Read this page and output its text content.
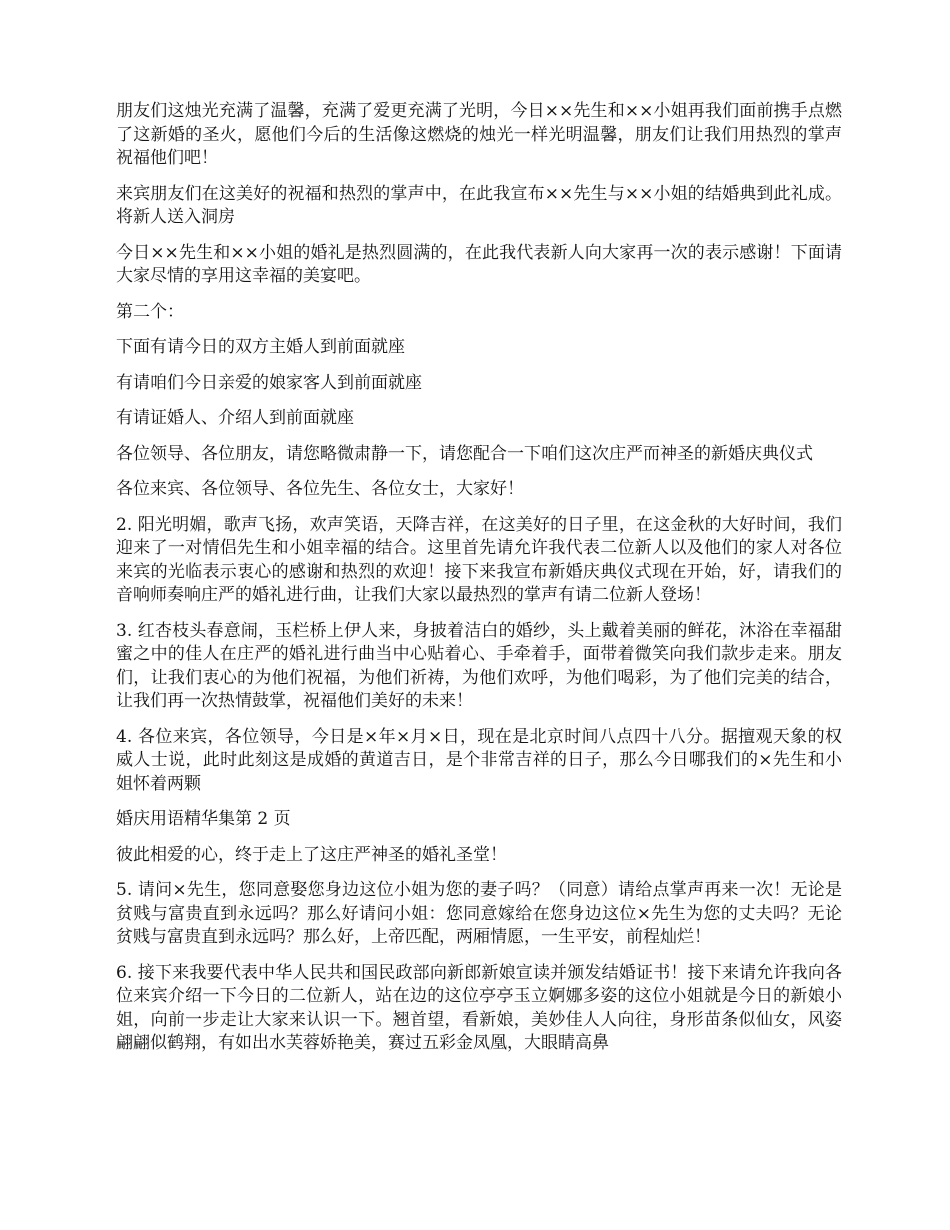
朋友们这烛光充满了温馨，充满了爱更充满了光明，今日××先生和××小姐再我们面前携手点燃了这新婚的圣火，愿他们今后的生活像这燃烧的烛光一样光明温馨，朋友们让我们用热烈的掌声祝福他们吧！

来宾朋友们在这美好的祝福和热烈的掌声中，在此我宣布××先生与××小姐的结婚典到此礼成。将新人送入洞房

今日××先生和××小姐的婚礼是热烈圆满的，在此我代表新人向大家再一次的表示感谢！下面请大家尽情的享用这幸福的美宴吧。

第二个：

下面有请今日的双方主婚人到前面就座

有请咱们今日亲爱的娘家客人到前面就座

有请证婚人、介绍人到前面就座

各位领导、各位朋友，请您略微肃静一下，请您配合一下咱们这次庄严而神圣的新婚庆典仪式

各位来宾、各位领导、各位先生、各位女士，大家好！

2. 阳光明媚，歌声飞扬，欢声笑语，天降吉祥，在这美好的日子里，在这金秋的大好时间，我们迎来了一对情侣先生和小姐幸福的结合。这里首先请允许我代表二位新人以及他们的家人对各位来宾的光临表示衷心的感谢和热烈的欢迎！接下来我宣布新婚庆典仪式现在开始，好，请我们的音响师奏响庄严的婚礼进行曲，让我们大家以最热烈的掌声有请二位新人登场！

3. 红杏枝头春意闹，玉栏桥上伊人来，身披着洁白的婚纱，头上戴着美丽的鲜花，沐浴在幸福甜蜜之中的佳人在庄严的婚礼进行曲当中心贴着心、手牵着手，面带着微笑向我们款步走来。朋友们，让我们衷心的为他们祝福，为他们祈祷，为他们欢呼，为他们喝彩，为了他们完美的结合，让我们再一次热情鼓掌，祝福他们美好的未来！

4. 各位来宾，各位领导，今日是×年×月×日，现在是北京时间八点四十八分。据擅观天象的权威人士说，此时此刻这是成婚的黄道吉日，是个非常吉祥的日子，那么今日哪我们的×先生和小姐怀着两颗

婚庆用语精华集第 2 页

彼此相爱的心，终于走上了这庄严神圣的婚礼圣堂！

5. 请问×先生，您同意娶您身边这位小姐为您的妻子吗？（同意）请给点掌声再来一次！无论是贫贱与富贵直到永远吗？那么好请问小姐：您同意嫁给在您身边这位×先生为您的丈夫吗？无论贫贱与富贵直到永远吗？那么好，上帝匹配，两厢情愿，一生平安，前程灿烂！

6. 接下来我要代表中华人民共和国民政部向新郎新娘宣读并颁发结婚证书！接下来请允许我向各位来宾介绍一下今日的二位新人，站在边的这位亭亭玉立婀娜多姿的这位小姐就是今日的新娘小姐，向前一步走让大家来认识一下。翘首望，看新娘，美妙佳人人向往，身形苗条似仙女，风姿翩翩似鹤翔，有如出水芙蓉娇艳美，赛过五彩金凤凰，大眼睛高鼻
